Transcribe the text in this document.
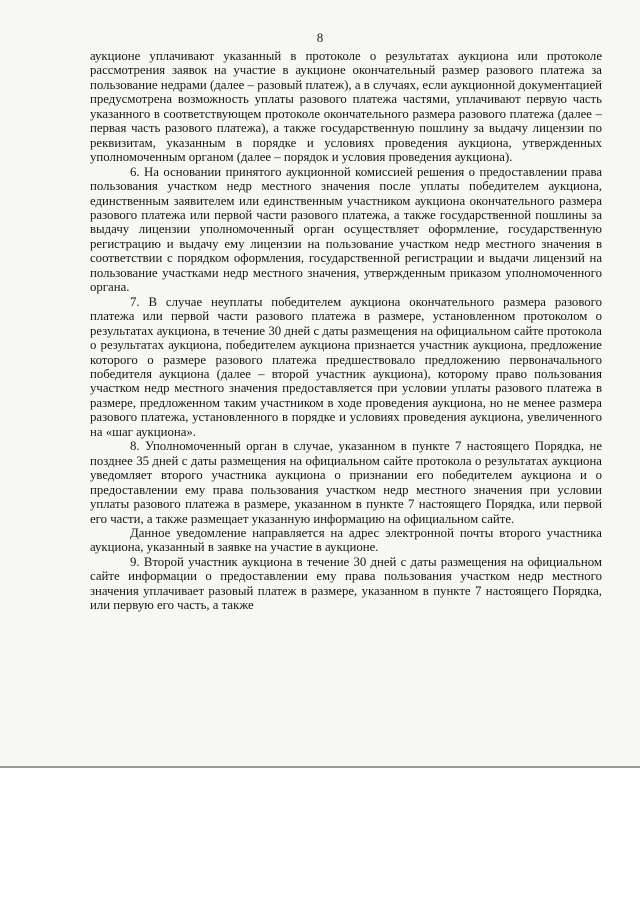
8

аукционе уплачивают указанный в протоколе о результатах аукциона или протоколе рассмотрения заявок на участие в аукционе окончательный размер разового платежа за пользование недрами (далее – разовый платеж), а в случаях, если аукционной документацией предусмотрена возможность уплаты разового платежа частями, уплачивают первую часть указанного в соответствующем протоколе окончательного размера разового платежа (далее – первая часть разового платежа), а также государственную пошлину за выдачу лицензии по реквизитам, указанным в порядке и условиях проведения аукциона, утвержденных уполномоченным органом (далее – порядок и условия проведения аукциона).

6. На основании принятого аукционной комиссией решения о предоставлении права пользования участком недр местного значения после уплаты победителем аукциона, единственным заявителем или единственным участником аукциона окончательного размера разового платежа или первой части разового платежа, а также государственной пошлины за выдачу лицензии уполномоченный орган осуществляет оформление, государственную регистрацию и выдачу ему лицензии на пользование участком недр местного значения в соответствии с порядком оформления, государственной регистрации и выдачи лицензий на пользование участками недр местного значения, утвержденным приказом уполномоченного органа.

7. В случае неуплаты победителем аукциона окончательного размера разового платежа или первой части разового платежа в размере, установленном протоколом о результатах аукциона, в течение 30 дней с даты размещения на официальном сайте протокола о результатах аукциона, победителем аукциона признается участник аукциона, предложение которого о размере разового платежа предшествовало предложению первоначального победителя аукциона (далее – второй участник аукциона), которому право пользования участком недр местного значения предоставляется при условии уплаты разового платежа в размере, предложенном таким участником в ходе проведения аукциона, но не менее размера разового платежа, установленного в порядке и условиях проведения аукциона, увеличенного на «шаг аукциона».

8. Уполномоченный орган в случае, указанном в пункте 7 настоящего Порядка, не позднее 35 дней с даты размещения на официальном сайте протокола о результатах аукциона уведомляет второго участника аукциона о признании его победителем аукциона и о предоставлении ему права пользования участком недр местного значения при условии уплаты разового платежа в размере, указанном в пункте 7 настоящего Порядка, или первой его части, а также размещает указанную информацию на официальном сайте.

Данное уведомление направляется на адрес электронной почты второго участника аукциона, указанный в заявке на участие в аукционе.

9. Второй участник аукциона в течение 30 дней с даты размещения на официальном сайте информации о предоставлении ему права пользования участком недр местного значения уплачивает разовый платеж в размере, указанном в пункте 7 настоящего Порядка, или первую его часть, а также
